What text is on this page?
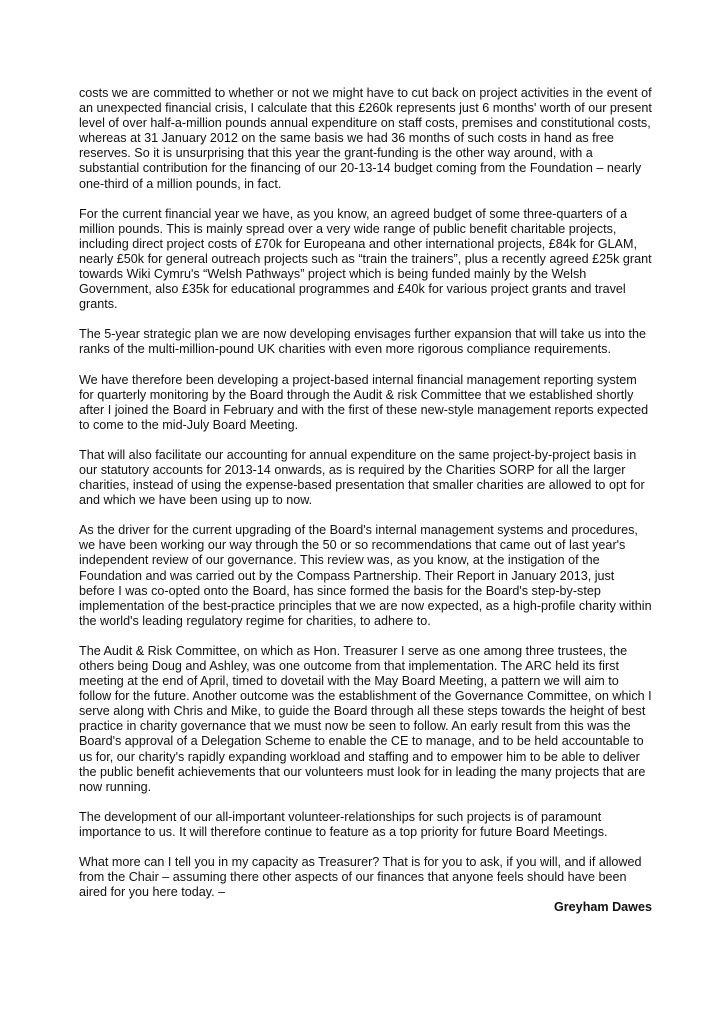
costs we are committed to whether or not we might have to cut back on project activities in the event of an unexpected financial crisis, I calculate that this £260k represents just 6 months' worth of our present level of over half-a-million pounds annual expenditure on staff costs, premises and constitutional costs, whereas at 31 January 2012 on the same basis we had 36 months of such costs in hand as free reserves. So it is unsurprising that this year the grant-funding is the other way around, with a substantial contribution for the financing of our 20-13-14 budget coming from the Foundation – nearly one-third of a million pounds, in fact.

For the current financial year we have, as you know, an agreed budget of some three-quarters of a million pounds. This is mainly spread over a very wide range of public benefit charitable projects, including direct project costs of £70k for Europeana and other international projects, £84k for GLAM, nearly £50k for general outreach projects such as “train the trainers”, plus a recently agreed £25k grant towards Wiki Cymru's “Welsh Pathways” project which is being funded mainly by the Welsh Government, also £35k for educational programmes and £40k for various project grants and travel grants.

The 5-year strategic plan we are now developing envisages further expansion that will take us into the ranks of the multi-million-pound UK charities with even more rigorous compliance requirements.

We have therefore been developing a project-based internal financial management reporting system for quarterly monitoring by the Board through the Audit & risk Committee that we established shortly after I joined the Board in February and with the first of these new-style management reports expected to come to the mid-July Board Meeting.

That will also facilitate our accounting for annual expenditure on the same project-by-project basis in our statutory accounts for 2013-14 onwards, as is required by the Charities SORP for all the larger charities, instead of using the expense-based presentation that smaller charities are allowed to opt for and which we have been using up to now.

As the driver for the current upgrading of the Board's internal management systems and procedures, we have been working our way through the 50 or so recommendations that came out of last year's independent review of our governance. This review was, as you know, at the instigation of the Foundation and was carried out by the Compass Partnership. Their Report in January 2013, just before I was co-opted onto the Board, has since formed the basis for the Board's step-by-step implementation of the best-practice principles that we are now expected, as a high-profile charity within the world's leading regulatory regime for charities, to adhere to.

The Audit & Risk Committee, on which as Hon. Treasurer I serve as one among three trustees, the others being Doug and Ashley, was one outcome from that implementation. The ARC held its first meeting at the end of April, timed to dovetail with the May Board Meeting, a pattern we will aim to follow for the future. Another outcome was the establishment of the Governance Committee, on which I serve along with Chris and Mike, to guide the Board through all these steps towards the height of best practice in charity governance that we must now be seen to follow. An early result from this was the Board's approval of a Delegation Scheme to enable the CE to manage, and to be held accountable to us for, our charity's rapidly expanding workload and staffing and to empower him to be able to deliver the public benefit achievements that our volunteers must look for in leading the many projects that are now running.

The development of our all-important volunteer-relationships for such projects is of paramount importance to us. It will therefore continue to feature as a top priority for future Board Meetings.

What more can I tell you in my capacity as Treasurer? That is for you to ask, if you will, and if allowed from the Chair – assuming there other aspects of our finances that anyone feels should have been aired for you here today. –

Greyham Dawes
